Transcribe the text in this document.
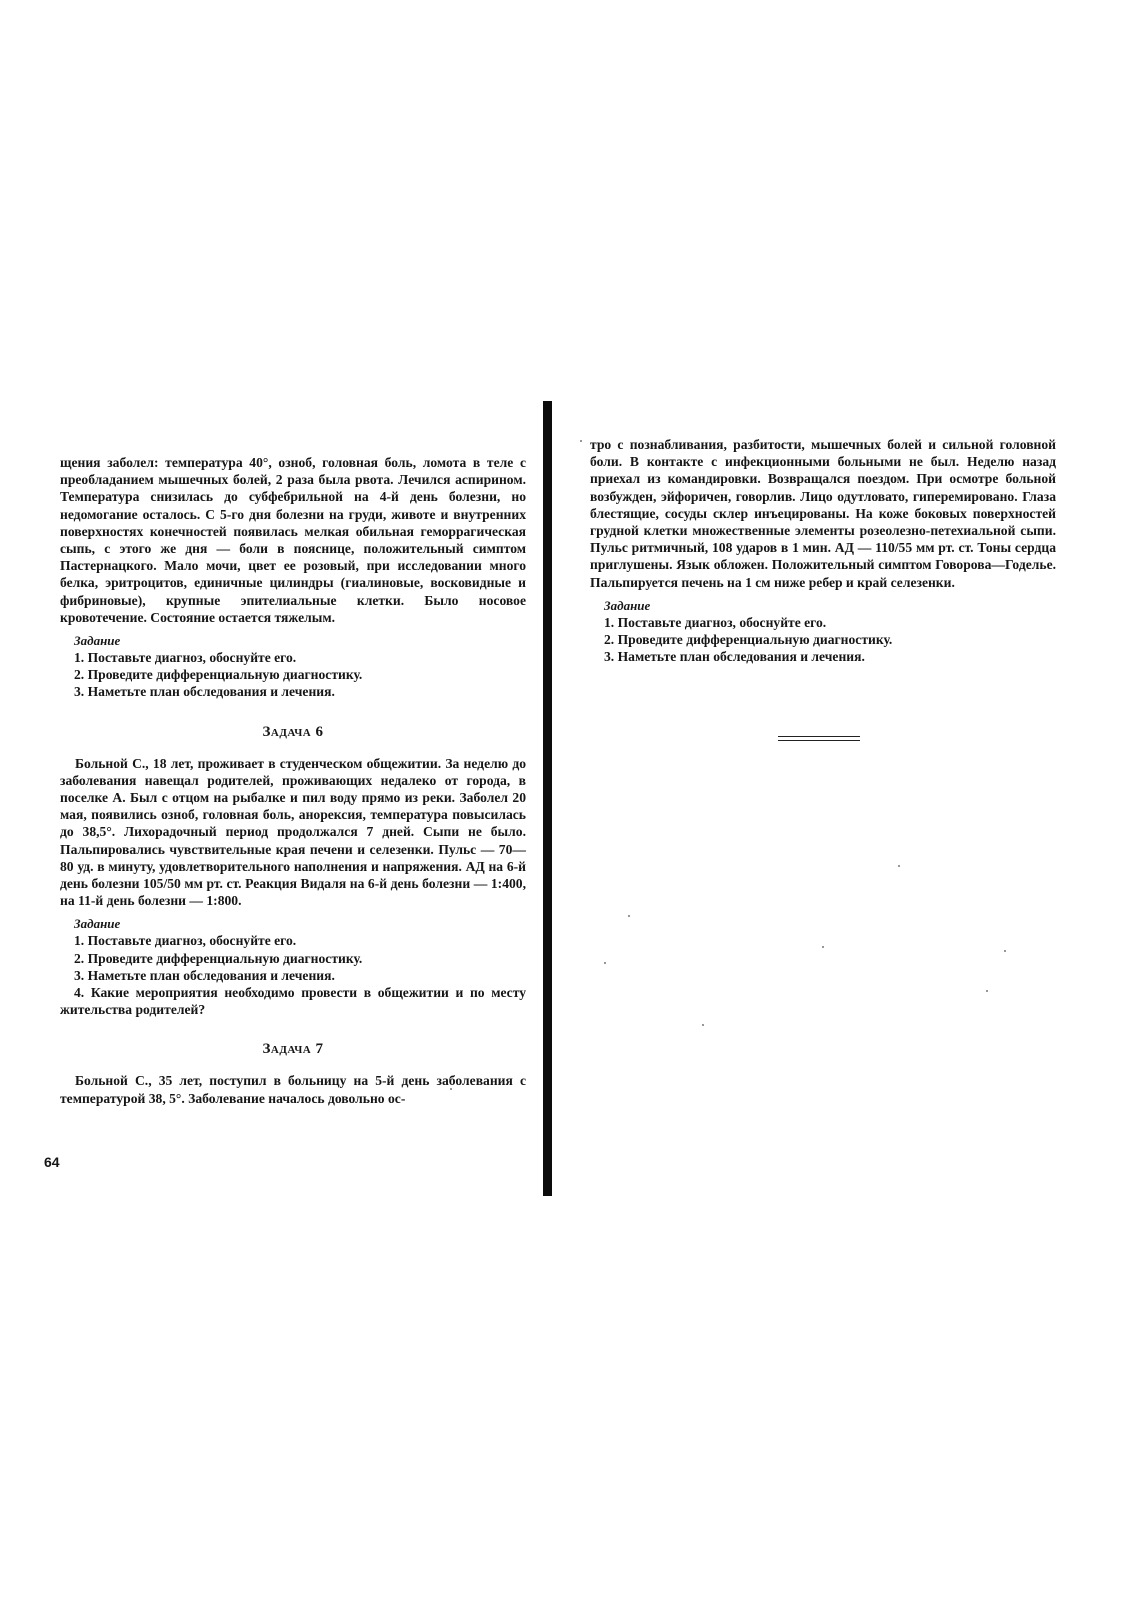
щения заболел: температура 40°, озноб, головная боль, ломота в теле с преобладанием мышечных болей, 2 раза была рвота. Лечился аспирином. Температура снизилась до субфебрильной на 4-й день болезни, но недомогание осталось. С 5-го дня болезни на груди, животе и внутренних поверхностях конечностей появилась мелкая обильная геморрагическая сыпь, с этого же дня — боли в пояснице, положительный симптом Пастернацкого. Мало мочи, цвет ее розовый, при исследовании много белка, эритроцитов, единичные цилиндры (гиалиновые, восковидные и фибриновые), крупные эпителиальные клетки. Было носовое кровотечение. Состояние остается тяжелым.

Задание
1. Поставьте диагноз, обоснуйте его.
2. Проведите дифференциальную диагностику.
3. Наметьте план обследования и лечения.
Задача 6

Больной С., 18 лет, проживает в студенческом общежитии. За неделю до заболевания навещал родителей, проживающих недалеко от города, в поселке А. Был с отцом на рыбалке и пил воду прямо из реки. Заболел 20 мая, появились озноб, головная боль, анорексия, температура повысилась до 38,5°. Лихорадочный период продолжался 7 дней. Сыпи не было. Пальпировались чувствительные края печени и селезенки. Пульс — 70—80 уд. в минуту, удовлетворительного наполнения и напряжения. АД на 6-й день болезни 105/50 мм рт. ст. Реакция Видаля на 6-й день болезни — 1:400, на 11-й день болезни — 1:800.

Задание
1. Поставьте диагноз, обоснуйте его.
2. Проведите дифференциальную диагностику.
3. Наметьте план обследования и лечения.
4. Какие мероприятия необходимо провести в общежитии и по месту жительства родителей?
Задача 7

Больной С., 35 лет, поступил в больницу на 5-й день заболевания с температурой 38, 5°. Заболевание началось довольно ос-

64

тро с познабливания, разбитости, мышечных болей и сильной головной боли. В контакте с инфекционными больными не был. Неделю назад приехал из командировки. Возвращался поездом. При осмотре больной возбужден, эйфоричен, говорлив. Лицо одутловато, гиперемировано. Глаза блестящие, сосуды склер инъецированы. На коже боковых поверхностей грудной клетки множественные элементы розеолезно-петехиальной сыпи. Пульс ритмичный, 108 ударов в 1 мин. АД — 110/55 мм рт. ст. Тоны сердца приглушены. Язык обложен. Положительный симптом Говорова—Годелье. Пальпируется печень на 1 см ниже ребер и край селезенки.

Задание
1. Поставьте диагноз, обоснуйте его.
2. Проведите дифференциальную диагностику.
3. Наметьте план обследования и лечения.
